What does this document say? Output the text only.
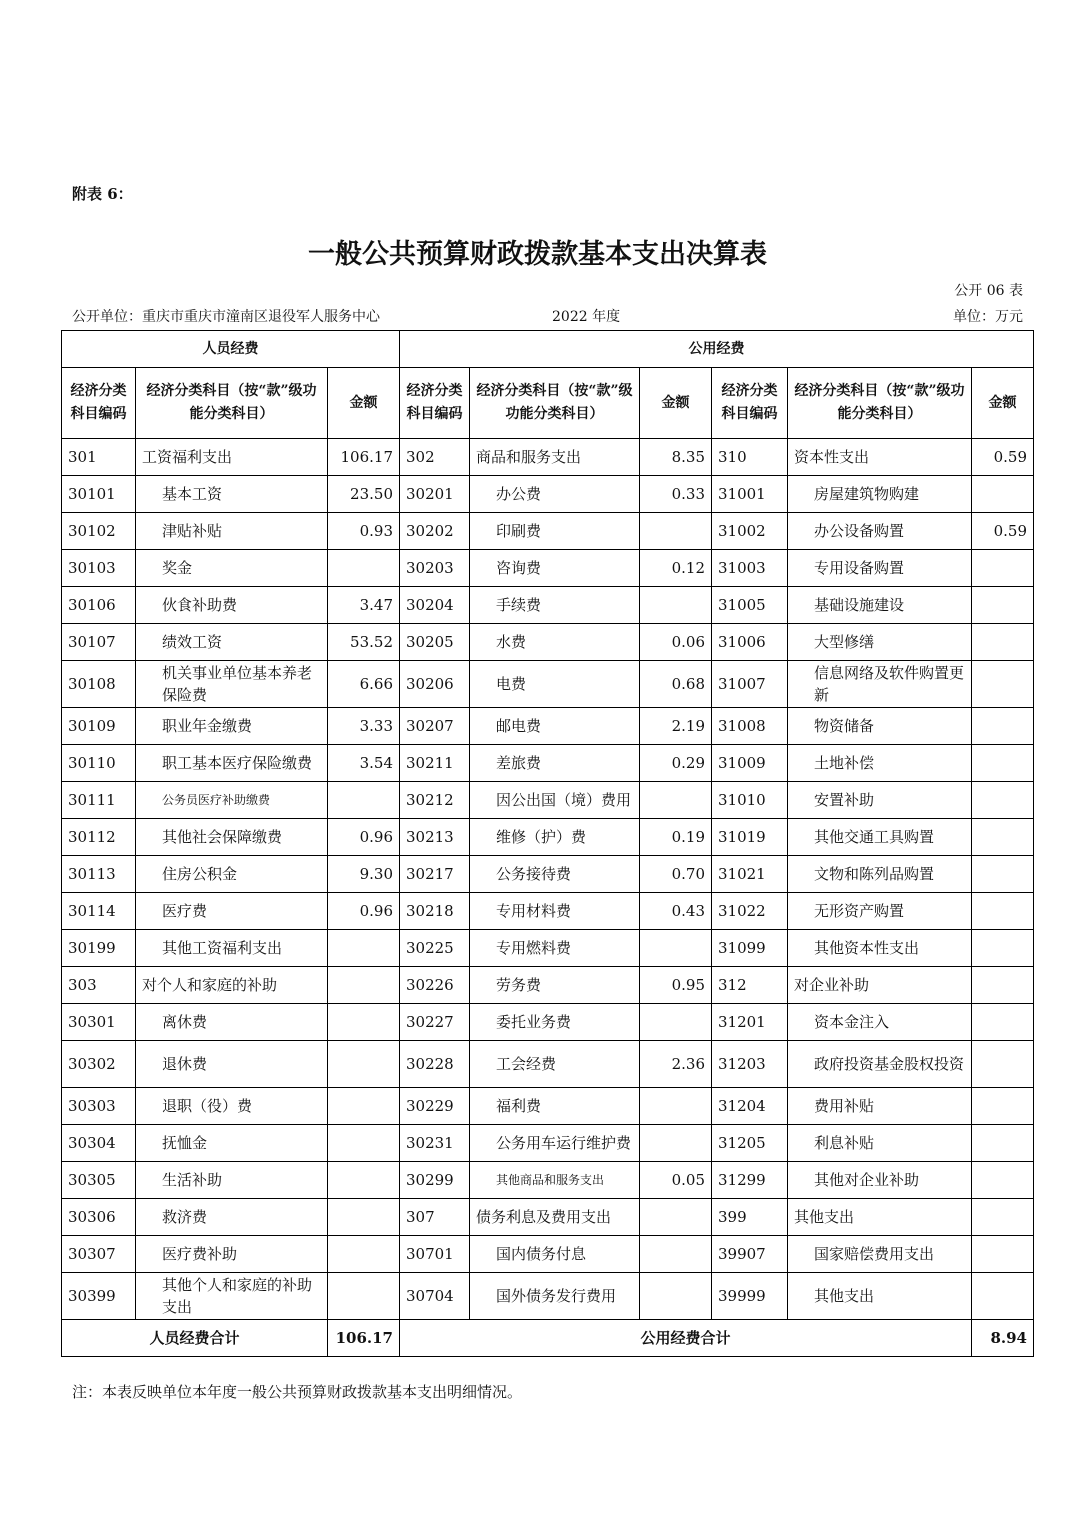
附表 6：
一般公共预算财政拨款基本支出决算表
公开 06 表
公开单位：重庆市重庆市潼南区退役军人服务中心	2022 年度	单位：万元
人员经费			公用经费					
经济分类科目编码	经济分类科目（按“款”级功能分类科目）	金额	经济分类科目编码	经济分类科目（按“款”级功能分类科目）	金额	经济分类科目编码	经济分类科目（按“款”级功能分类科目）	金额
301	工资福利支出	106.17	302	商品和服务支出	8.35	310	资本性支出	0.59
30101	基本工资	23.50	30201	办公费	0.33	31001	房屋建筑物购建	
30102	津贴补贴	0.93	30202	印刷费		31002	办公设备购置	0.59
30103	奖金		30203	咨询费	0.12	31003	专用设备购置	
30106	伙食补助费	3.47	30204	手续费		31005	基础设施建设	
30107	绩效工资	53.52	30205	水费	0.06	31006	大型修缮	
30108	机关事业单位基本养老保险费	6.66	30206	电费	0.68	31007	信息网络及软件购置更新	
30109	职业年金缴费	3.33	30207	邮电费	2.19	31008	物资储备	
30110	职工基本医疗保险缴费	3.54	30211	差旅费	0.29	31009	土地补偿	
30111	公务员医疗补助缴费		30212	因公出国（境）费用		31010	安置补助	
30112	其他社会保障缴费	0.96	30213	维修（护）费	0.19	31019	其他交通工具购置	
30113	住房公积金	9.30	30217	公务接待费	0.70	31021	文物和陈列品购置	
30114	医疗费	0.96	30218	专用材料费	0.43	31022	无形资产购置	
30199	其他工资福利支出		30225	专用燃料费		31099	其他资本性支出	
303	对个人和家庭的补助		30226	劳务费	0.95	312	对企业补助	
30301	离休费		30227	委托业务费		31201	资本金注入	
30302	退休费		30228	工会经费	2.36	31203	政府投资基金股权投资	
30303	退职（役）费		30229	福利费		31204	费用补贴	
30304	抚恤金		30231	公务用车运行维护费		31205	利息补贴	
30305	生活补助		30299	其他商品和服务支出	0.05	31299	其他对企业补助	
30306	救济费		307	债务利息及费用支出		399	其他支出	
30307	医疗费补助		30701	国内债务付息		39907	国家赔偿费用支出	
30399	其他个人和家庭的补助支出		30704	国外债务发行费用		39999	其他支出	
人员经费合计		106.17	公用经费合计					8.94
注：本表反映单位本年度一般公共预算财政拨款基本支出明细情况。
